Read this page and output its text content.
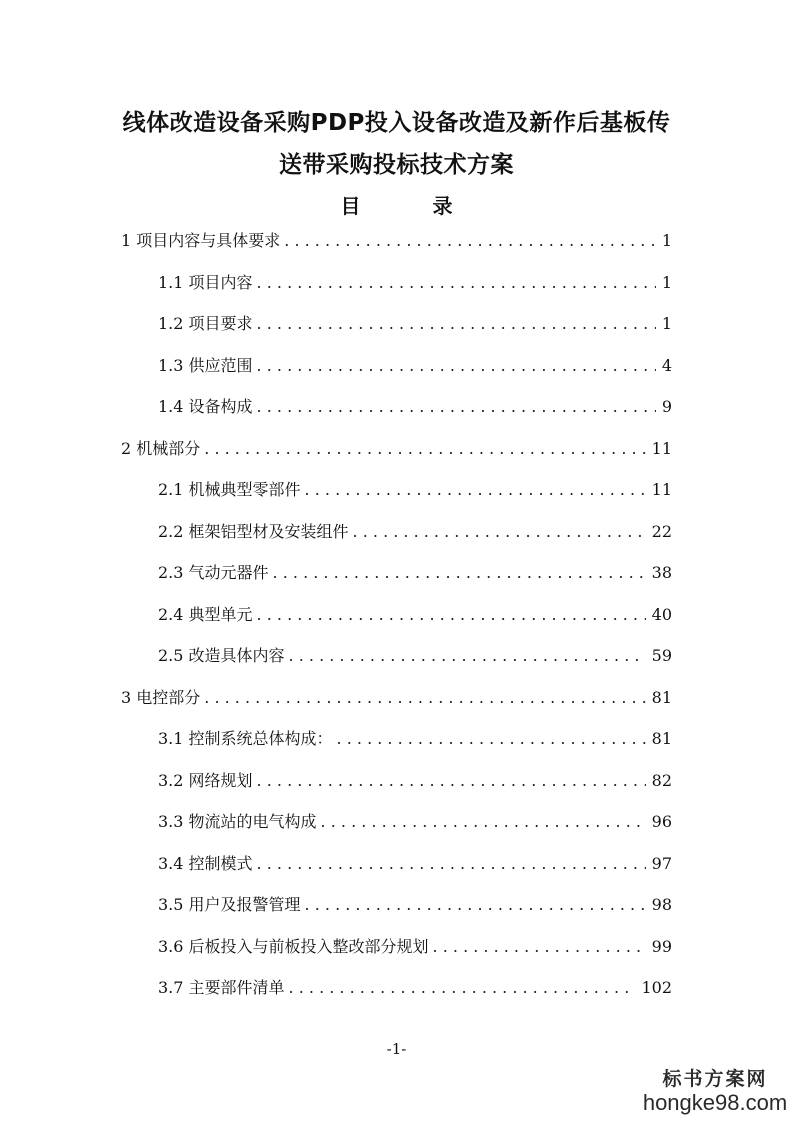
线体改造设备采购PDP投入设备改造及新作后基板传
送带采购投标技术方案
目　录
1 项目内容与具体要求 . . .	1
1.1 项目内容 . . .	1
1.2 项目要求 . . .	1
1.3 供应范围 . . .	4
1.4 设备构成 . . .	9
2 机械部分 . . .	11
2.1 机械典型零部件 . . .	11
2.2 框架铝型材及安装组件 . . .	22
2.3 气动元器件 . . .	38
2.4 典型单元 . . .	40
2.5 改造具体内容 . . .	59
3 电控部分 . . .	81
3.1 控制系统总体构成： . . .	81
3.2 网络规划 . . .	82
3.3 物流站的电气构成 . . .	96
3.4 控制模式 . . .	97
3.5 用户及报警管理 . . .	98
3.6 后板投入与前板投入整改部分规划 . . .	99
3.7 主要部件清单 . . .	102
-1-
标书方案网
hongke98.com
